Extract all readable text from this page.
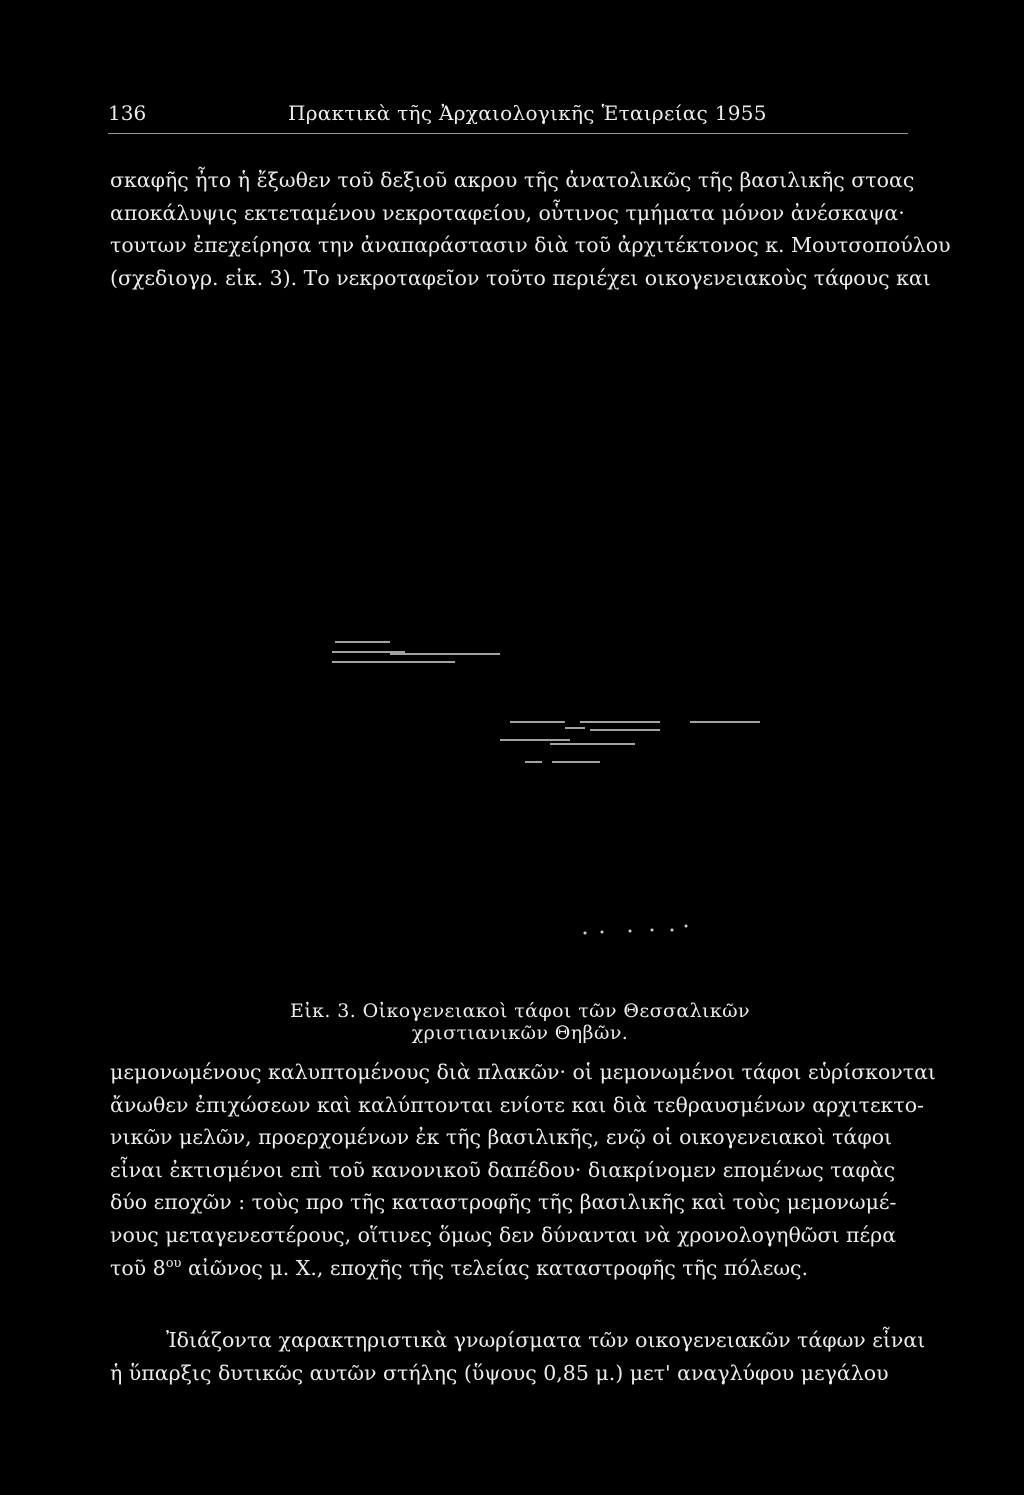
136	Πρακτικὰ τῆς Ἀρχαιολογικῆς Ἑταιρείας 1955

σκαφῆς ἦτο ἡ ἔξωθεν τοῦ δεξιοῦ ακρου τῆς ἀνατολικῶς τῆς βασιλικῆς στοας
αποκάλυψις εκτεταμένου νεκροταφείου, οὗτινος τμήματα μόνον ἀνέσκαψα·
τουτων ἐπεχείρησα την ἀναπαράστασιν διὰ τοῦ ἀρχιτέκτονος κ. Μουτσοπούλου
(σχεδιογρ. εἰκ. 3). Το νεκροταφεῖον τοῦτο περιέχει οικογενειακοὺς τάφους και

Εἰκ. 3. Οἰκογενειακοὶ τάφοι τῶν Θεσσαλικῶν χριστιανικῶν Θηβῶν.

μεμονωμένους καλυπτομένους διὰ πλακῶν· οἱ μεμονωμένοι τάφοι εὑρίσκονται
ἄνωθεν ἐπιχώσεων καὶ καλύπτονται ενίοτε και διὰ τεθραυσμένων αρχιτεκτο-
νικῶν μελῶν, προερχομένων ἐκ τῆς βασιλικῆς, ενῷ οἱ οικογενειακοὶ τάφοι
εἶναι ἐκτισμένοι επὶ τοῦ κανονικοῦ δαπέδου· διακρίνομεν επομένως ταφὰς
δύο εποχῶν : τοὺς προ τῆς καταστροφῆς τῆς βασιλικῆς καὶ τοὺς μεμονωμέ-
νους μεταγενεστέρους, οἵτινες ὅμως δεν δύνανται νὰ χρονολογηθῶσι πέρα
τοῦ $8^{o\upsilon}$ αἰῶνος μ. Χ., εποχῆς τῆς τελείας καταστροφῆς τῆς πόλεως.

Ἰδιάζοντα χαρακτηριστικὰ γνωρίσματα τῶν οικογενειακῶν τάφων εἶναι
ἡ ὕπαρξις δυτικῶς αυτῶν στήλης (ὕψους 0,85 μ.) μετ' αναγλύφου μεγάλου
